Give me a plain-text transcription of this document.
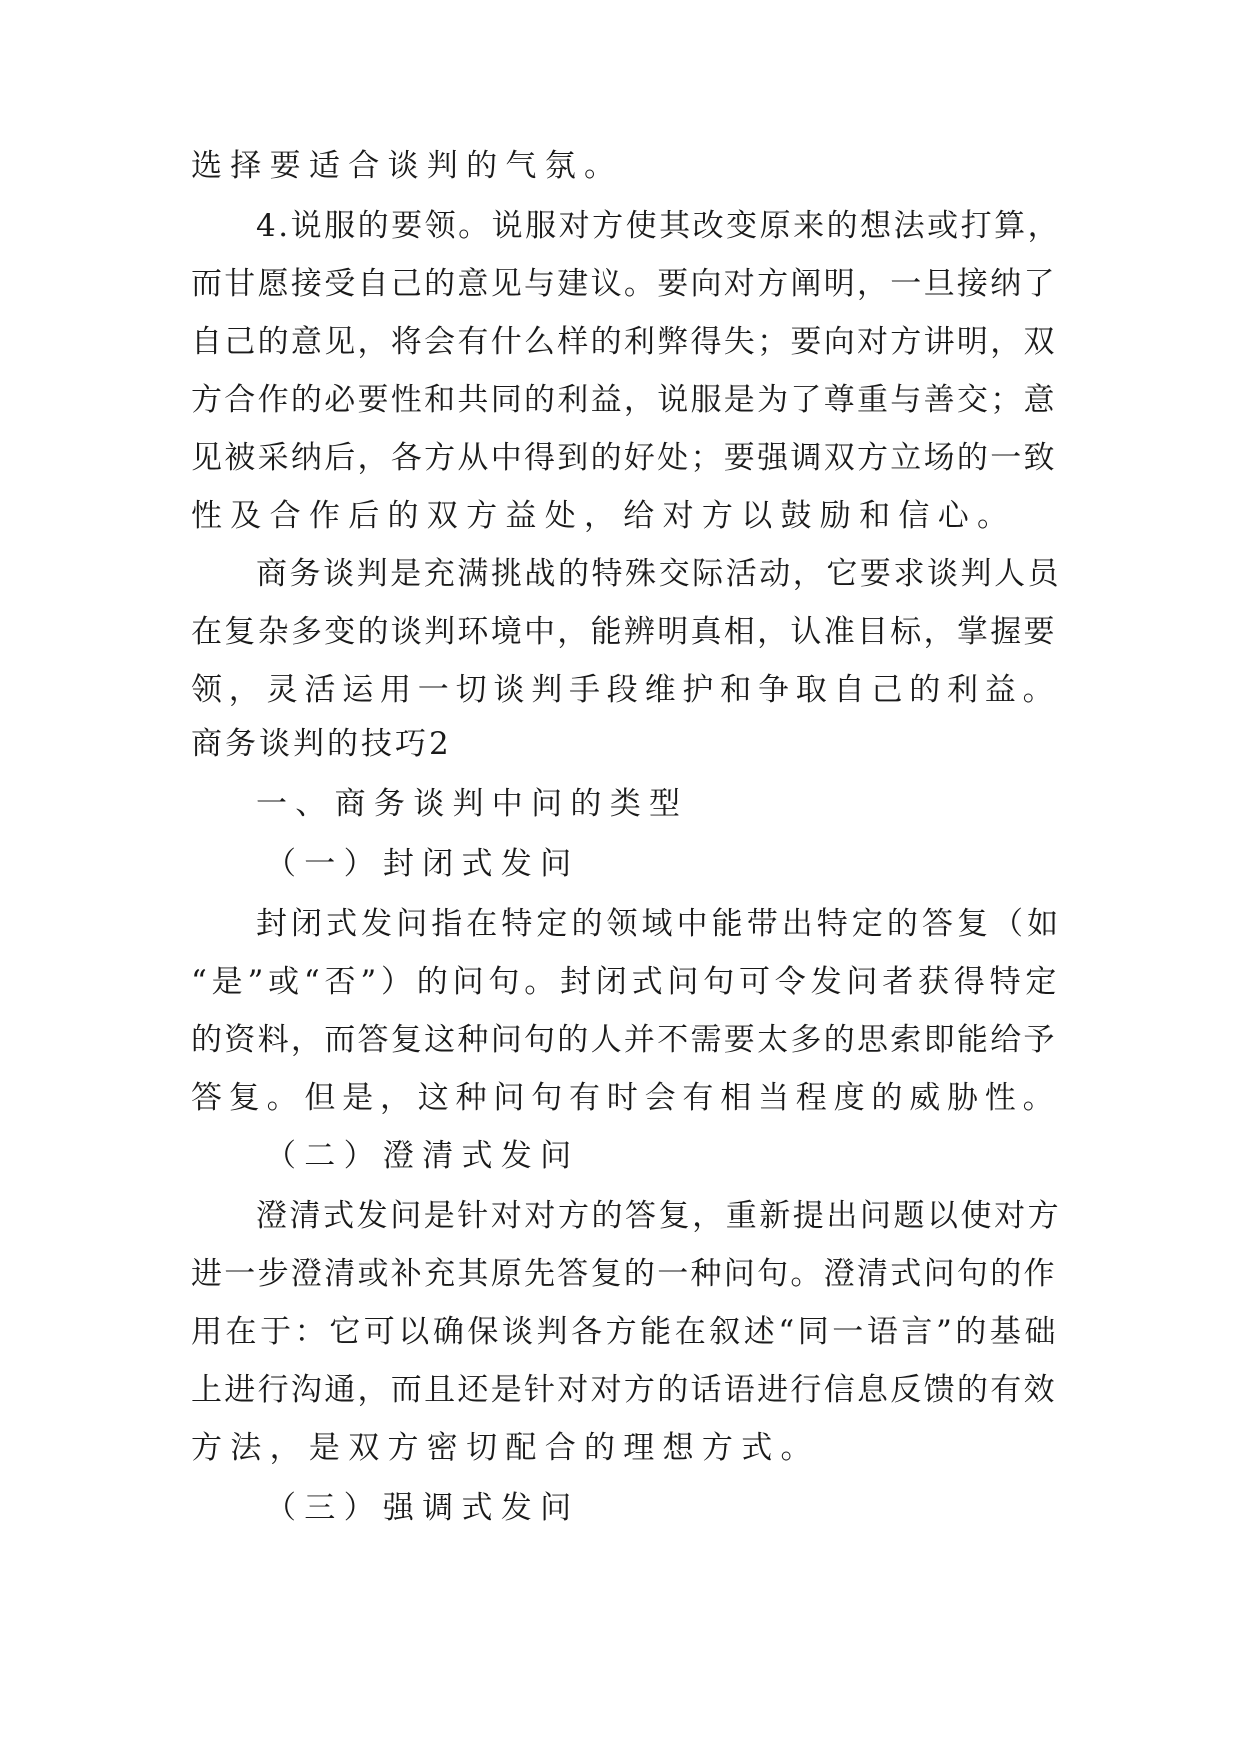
选择要适合谈判的气氛。
4.说服的要领。说服对方使其改变原来的想法或打算，
而甘愿接受自己的意见与建议。要向对方阐明，一旦接纳了
自己的意见，将会有什么样的利弊得失；要向对方讲明，双
方合作的必要性和共同的利益，说服是为了尊重与善交；意
见被采纳后，各方从中得到的好处；要强调双方立场的一致
性及合作后的双方益处，给对方以鼓励和信心。
商务谈判是充满挑战的特殊交际活动，它要求谈判人员
在复杂多变的谈判环境中，能辨明真相，认准目标，掌握要
领，灵活运用一切谈判手段维护和争取自己的利益。
商务谈判的技巧2
一、商务谈判中问的类型
（一）封闭式发问
封闭式发问指在特定的领域中能带出特定的答复（如
“是”或“否”）的问句。封闭式问句可令发问者获得特定
的资料，而答复这种问句的人并不需要太多的思索即能给予
答复。但是，这种问句有时会有相当程度的威胁性。
（二）澄清式发问
澄清式发问是针对对方的答复，重新提出问题以使对方
进一步澄清或补充其原先答复的一种问句。澄清式问句的作
用在于：它可以确保谈判各方能在叙述“同一语言”的基础
上进行沟通，而且还是针对对方的话语进行信息反馈的有效
方法，是双方密切配合的理想方式。
（三）强调式发问
